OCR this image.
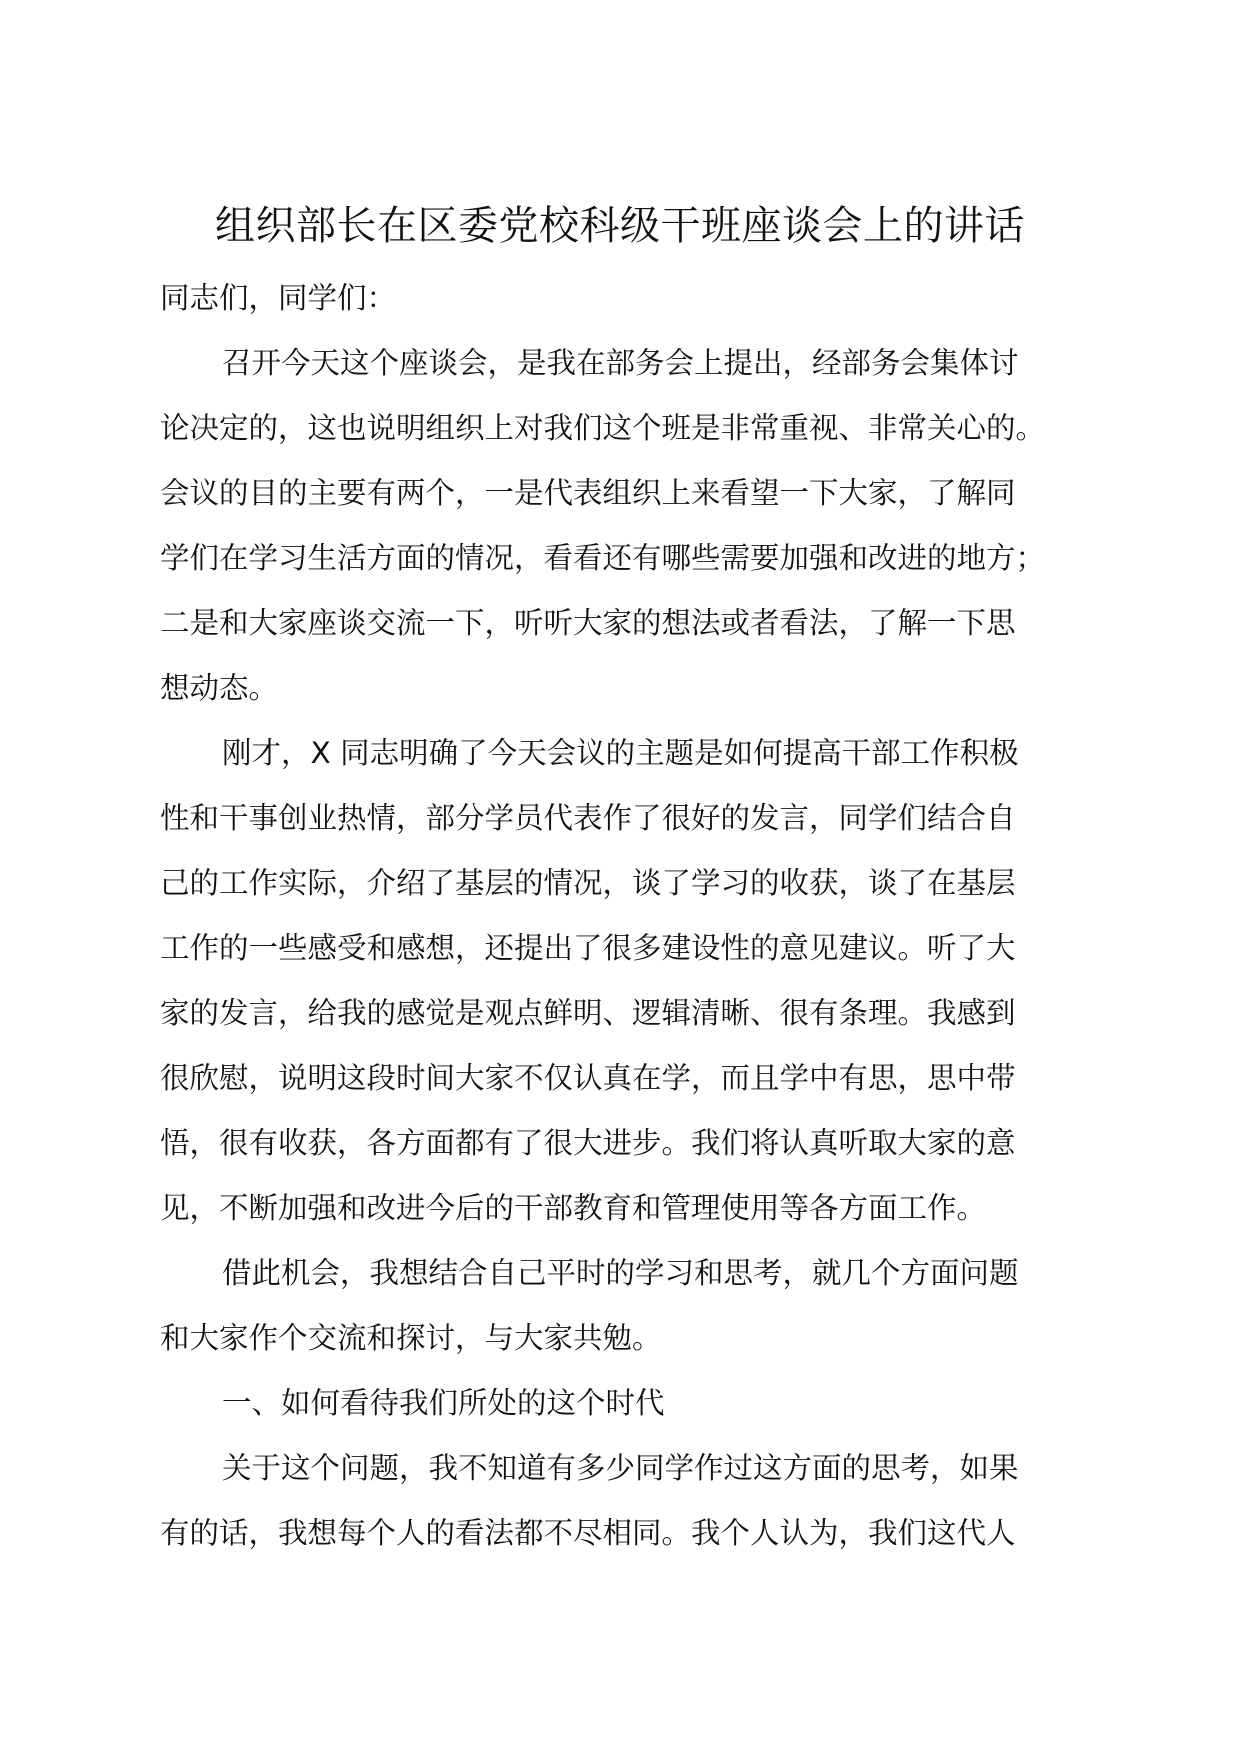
组织部长在区委党校科级干班座谈会上的讲话
同志们，同学们：
召开今天这个座谈会，是我在部务会上提出，经部务会集体讨
论决定的，这也说明组织上对我们这个班是非常重视、非常关心的。
会议的目的主要有两个，一是代表组织上来看望一下大家，了解同
学们在学习生活方面的情况，看看还有哪些需要加强和改进的地方；
二是和大家座谈交流一下，听听大家的想法或者看法，了解一下思
想动态。
刚才，X 同志明确了今天会议的主题是如何提高干部工作积极
性和干事创业热情，部分学员代表作了很好的发言，同学们结合自
己的工作实际，介绍了基层的情况，谈了学习的收获，谈了在基层
工作的一些感受和感想，还提出了很多建设性的意见建议。听了大
家的发言，给我的感觉是观点鲜明、逻辑清晰、很有条理。我感到
很欣慰，说明这段时间大家不仅认真在学，而且学中有思，思中带
悟，很有收获，各方面都有了很大进步。我们将认真听取大家的意
见，不断加强和改进今后的干部教育和管理使用等各方面工作。
借此机会，我想结合自己平时的学习和思考，就几个方面问题
和大家作个交流和探讨，与大家共勉。
一、如何看待我们所处的这个时代
关于这个问题，我不知道有多少同学作过这方面的思考，如果
有的话，我想每个人的看法都不尽相同。我个人认为，我们这代人
